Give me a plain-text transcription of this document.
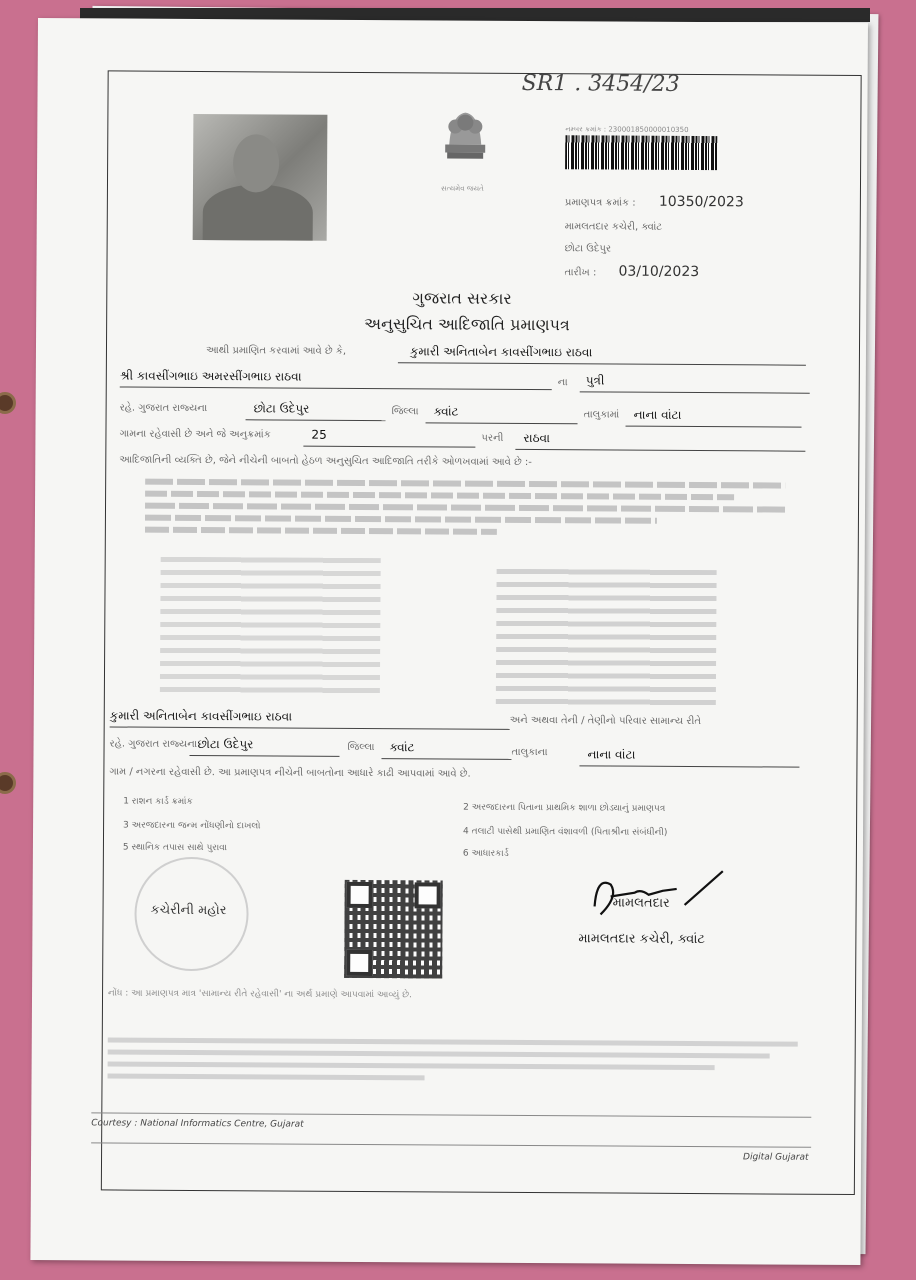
SR1 . 3454/23
સત્યમેવ જયતે
નમ્બર ક્રમાંક : 230001850000010350
પ્રમાણપત્ર ક્રમાંક : 10350/2023
મામલતદાર કચેરી, ક્વાંટ
છોટા ઉદેપુર
તારીખ : 03/10/2023
ગુજરાત સરકાર
અનુસુચિત આદિજાતિ પ્રમાણપત્ર
આથી પ્રમાણિત કરવામાં આવે છે કે,	કુમારી અનિતાબેન કાવસીંગભાઇ રાઠવા
શ્રી કાવસીંગભાઇ અમરસીંગભાઇ રાઠવા	ના પુત્રી
રહે. ગુજરાત રાજ્યના	છોટા ઉદેપુર	જિલ્લા ક્વાંટ	તાલુકામાં નાના વાંટા
ગામના રહેવાસી છે અને જે અનુક્રમાંક	25	પરની રાઠવા
આદિજાતિની વ્યક્તિ છે, જેને નીચેની બાબતો હેઠળ અનુસુચિત આદિજાતિ તરીકે ઓળખવામાં આવે છે :-
કુમારી અનિતાબેન કાવસીંગભાઇ રાઠવા	અને અથવા તેની / તેણીનો પરિવાર સામાન્ય રીતે
રહે. ગુજરાત રાજ્યના છોટા ઉદેપુર	જિલ્લા ક્વાંટ	તાલુકાના	નાના વાંટા
ગામ / નગરના રહેવાસી છે. આ પ્રમાણપત્ર નીચેની બાબતોના આધારે કાઢી આપવામાં આવે છે.
1 રાશન કાર્ડ ક્રમાંક
2 અરજદારના પિતાના પ્રાથમિક શાળા છોડ્યાનું પ્રમાણપત્ર
3 અરજદારના જન્મ નોંધણીનો દાખલો
4 તલાટી પાસેથી પ્રમાણિત વંશાવળી (પિતાશ્રીના સંબંધીની)
5 સ્થાનિક તપાસ સાથે પુરાવા
6 આધારકાર્ડ
કચેરીની મહોર	મામલતદાર
મામલતદાર કચેરી, ક્વાંટ
નોંધ : આ પ્રમાણપત્ર માત્ર 'સામાન્ય રીતે રહેવાસી' ના અર્થ પ્રમાણે આપવામાં આવ્યું છે.
Courtesy : National Informatics Centre, Gujarat
Digital Gujarat
